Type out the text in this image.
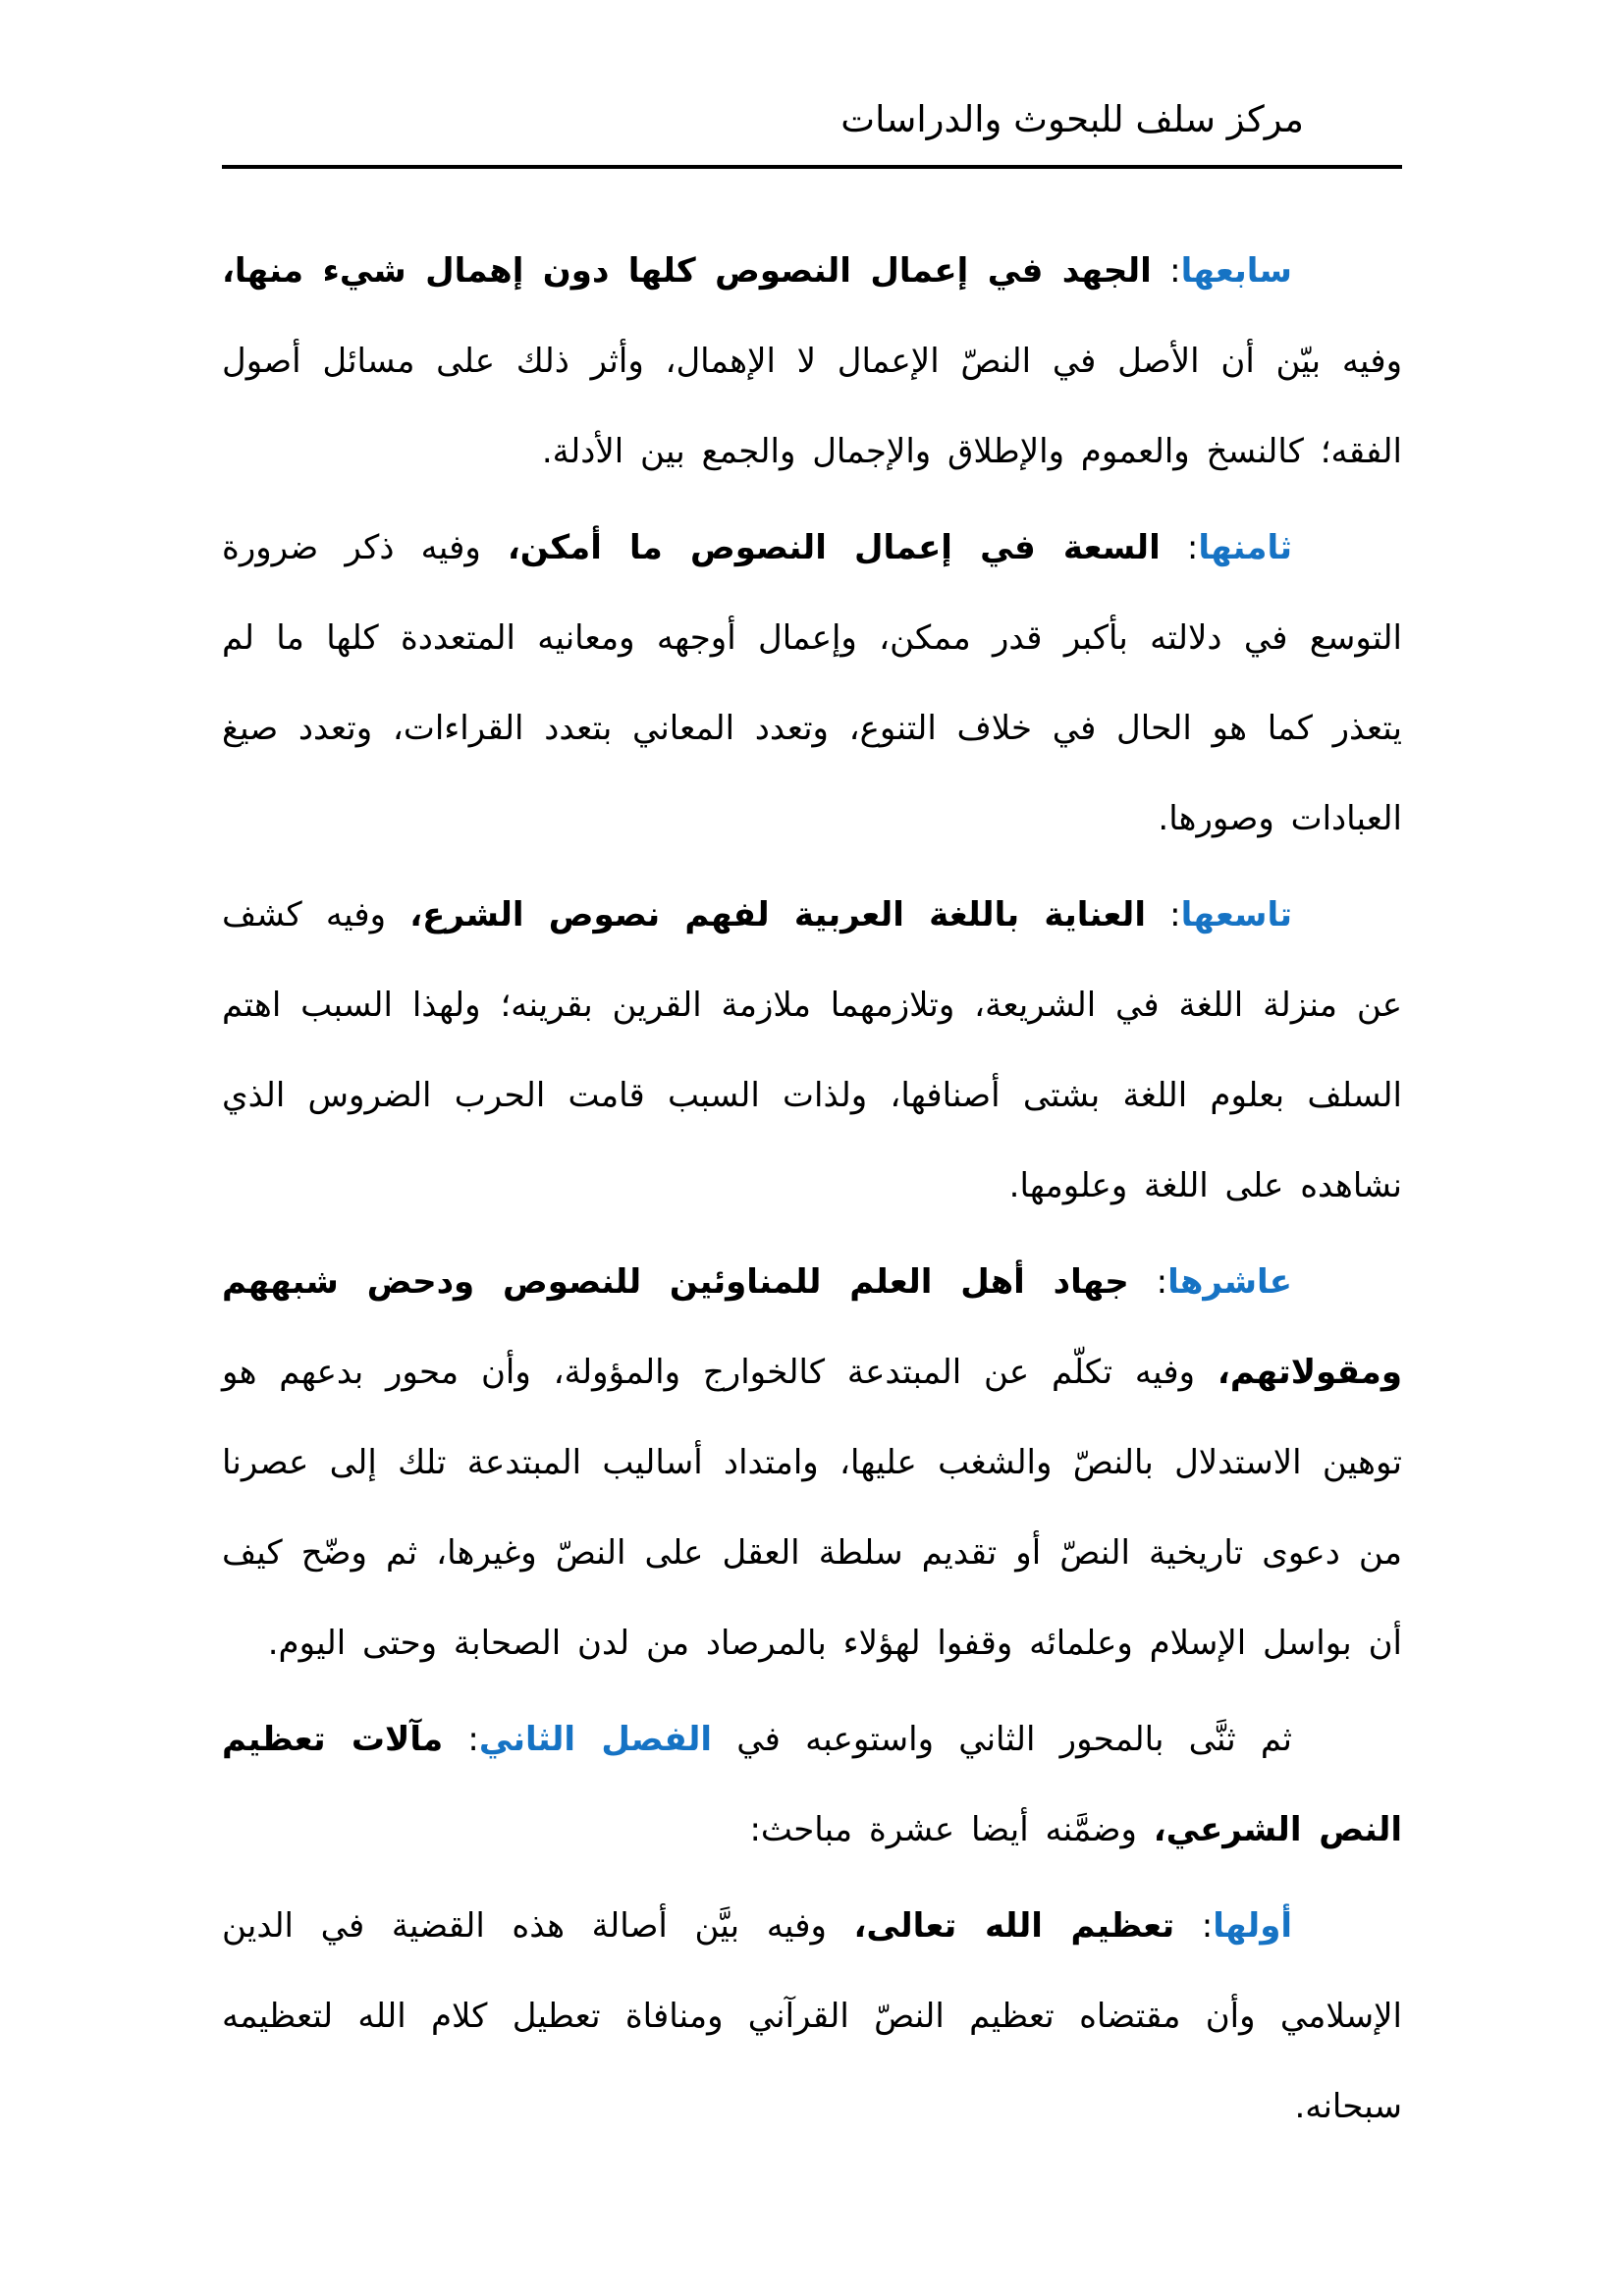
مركز سلف للبحوث والدراسات

سابعها: الجهد في إعمال النصوص كلها دون إهمال شيء منها، وفيه بيّن أن الأصل في النصّ الإعمال لا الإهمال، وأثر ذلك على مسائل أصول الفقه؛ كالنسخ والعموم والإطلاق والإجمال والجمع بين الأدلة.

ثامنها: السعة في إعمال النصوص ما أمكن، وفيه ذكر ضرورة التوسع في دلالته بأكبر قدر ممكن، وإعمال أوجهه ومعانيه المتعددة كلها ما لم يتعذر كما هو الحال في خلاف التنوع، وتعدد المعاني بتعدد القراءات، وتعدد صيغ العبادات وصورها.

تاسعها: العناية باللغة العربية لفهم نصوص الشرع، وفيه كشف عن منزلة اللغة في الشريعة، وتلازمهما ملازمة القرين بقرينه؛ ولهذا السبب اهتم السلف بعلوم اللغة بشتى أصنافها، ولذات السبب قامت الحرب الضروس الذي نشاهده على اللغة وعلومها.

عاشرها: جهاد أهل العلم للمناوئين للنصوص ودحض شبههم ومقولاتهم، وفيه تكلّم عن المبتدعة كالخوارج والمؤولة، وأن محور بدعهم هو توهين الاستدلال بالنصّ والشغب عليها، وامتداد أساليب المبتدعة تلك إلى عصرنا من دعوى تاريخية النصّ أو تقديم سلطة العقل على النصّ وغيرها، ثم وضّح كيف أن بواسل الإسلام وعلمائه وقفوا لهؤلاء بالمرصاد من لدن الصحابة وحتى اليوم.

ثم ثنَّى بالمحور الثاني واستوعبه في الفصل الثاني: مآلات تعظيم النص الشرعي، وضمَّنه أيضا عشرة مباحث:

أولها: تعظيم الله تعالى، وفيه بيَّن أصالة هذه القضية في الدين الإسلامي وأن مقتضاه تعظيم النصّ القرآني ومنافاة تعطيل كلام الله لتعظيمه سبحانه.
